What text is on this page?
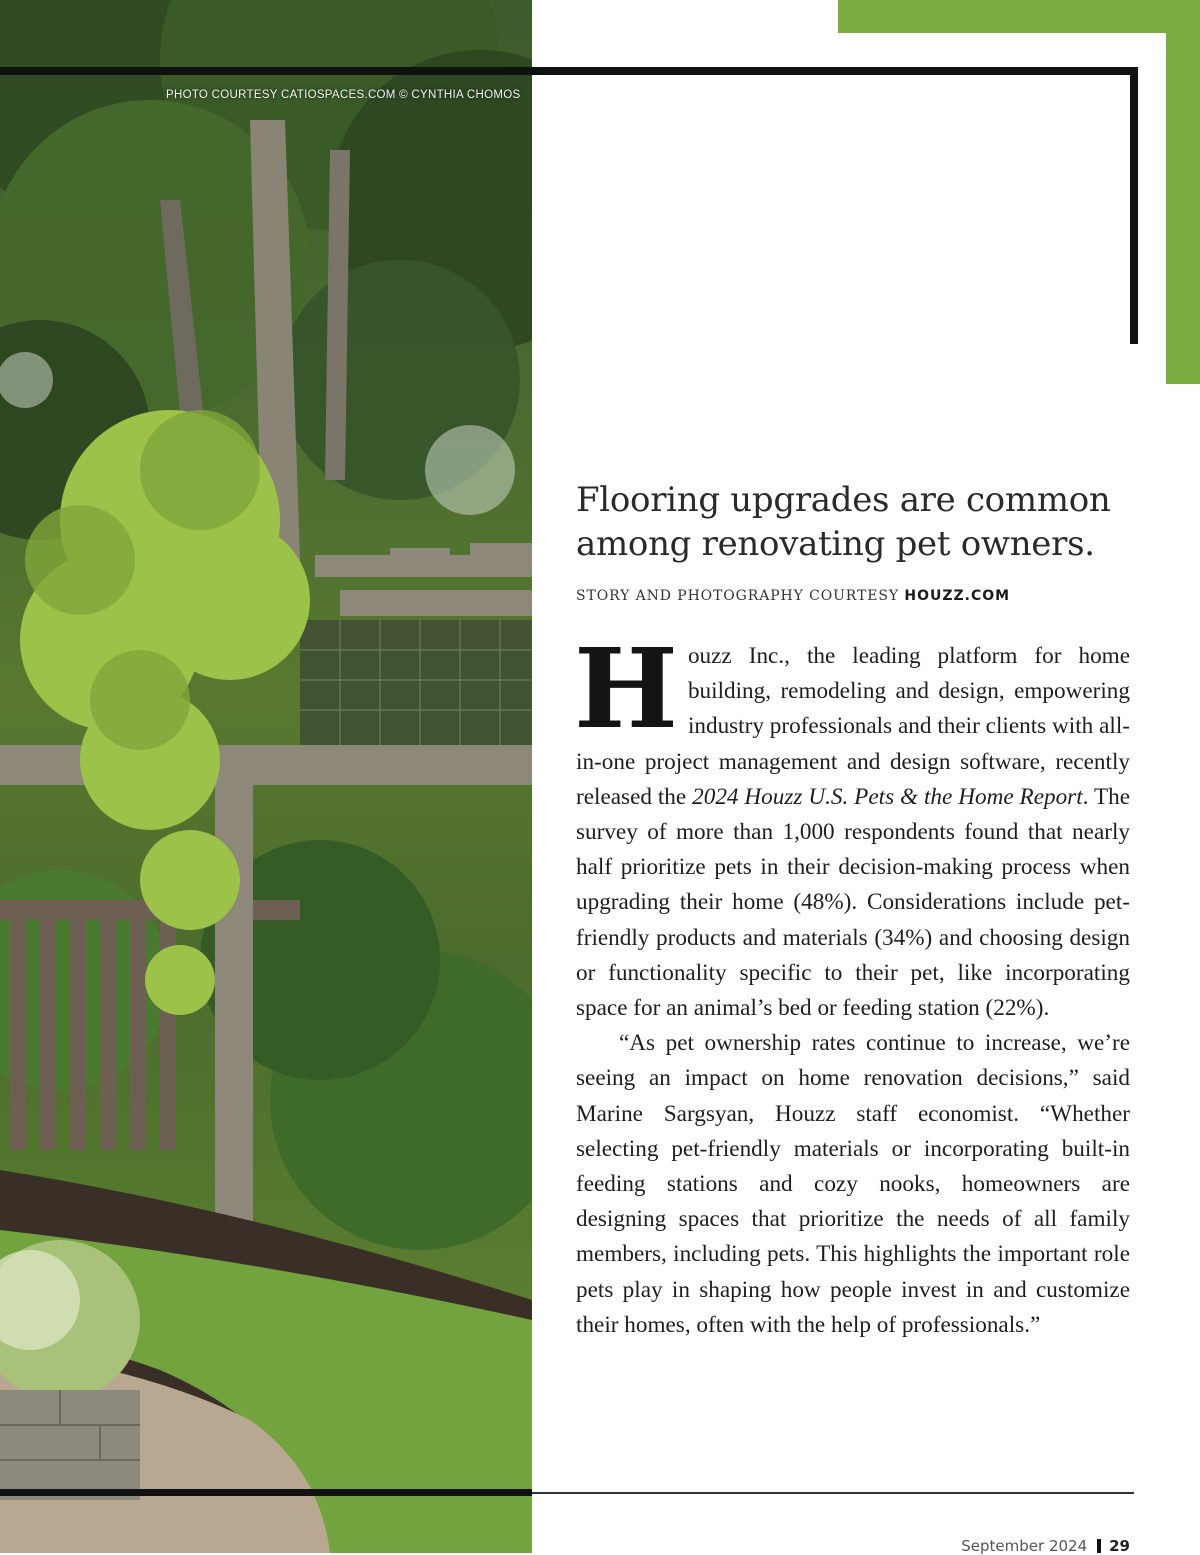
PHOTO COURTESY CATIOSPACES.COM © CYNTHIA CHOMOS
Flooring upgrades are common among renovating pet owners.
STORY AND PHOTOGRAPHY COURTESY HOUZZ.COM

Houzz Inc., the leading platform for home building, remodeling and design, empowering industry professionals and their clients with all-in-one project management and design software, recently released the 2024 Houzz U.S. Pets & the Home Report. The survey of more than 1,000 respondents found that nearly half prioritize pets in their decision-making process when upgrading their home (48%). Considerations include pet-friendly products and materials (34%) and choosing design or functionality specific to their pet, like incorporating space for an animal’s bed or feeding station (22%).

“As pet ownership rates continue to increase, we’re seeing an impact on home renovation decisions,” said Marine Sargsyan, Houzz staff economist. “Whether selecting pet-friendly materials or incorporating built-in feeding stations and cozy nooks, homeowners are designing spaces that prioritize the needs of all family members, including pets. This highlights the important role pets play in shaping how people invest in and customize their homes, often with the help of professionals.”

September 2024 29
